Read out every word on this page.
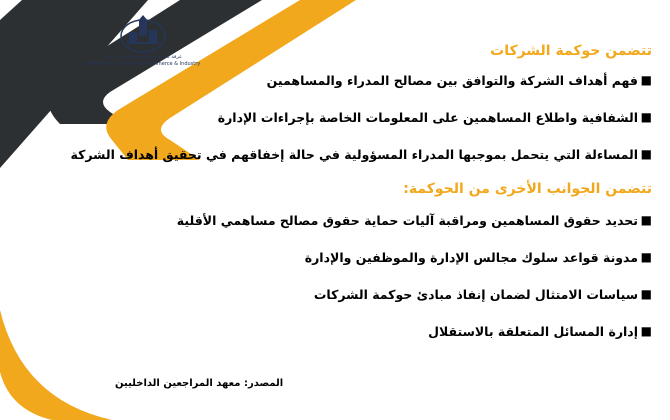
غرفة تجارة وصناعة محافظة بيت لحم
Bethlehem Chamber of Commerce & Industry
تتضمن حوكمة الشركات
■
فهم أهداف الشركة والتوافق بين مصالح المدراء والمساهمين
■
الشفافية واطلاع المساهمين على المعلومات الخاصة بإجراءات الإدارة
■
المساءلة التي يتحمل بموجبها المدراء المسؤولية في حالة إخفاقهم في تحقيق أهداف الشركة
تتضمن الجوانب الأخرى من الحوكمة:
■
تحديد حقوق المساهمين ومراقبة آليات حماية حقوق مصالح مساهمي الأقلية
■
مدونة قواعد سلوك مجالس الإدارة والموظفين والإدارة
■
سياسات الامتثال لضمان إنفاذ مبادئ حوكمة الشركات
■
إدارة المسائل المتعلقة بالاستقلال
المصدر: معهد المراجعين الداخليين
